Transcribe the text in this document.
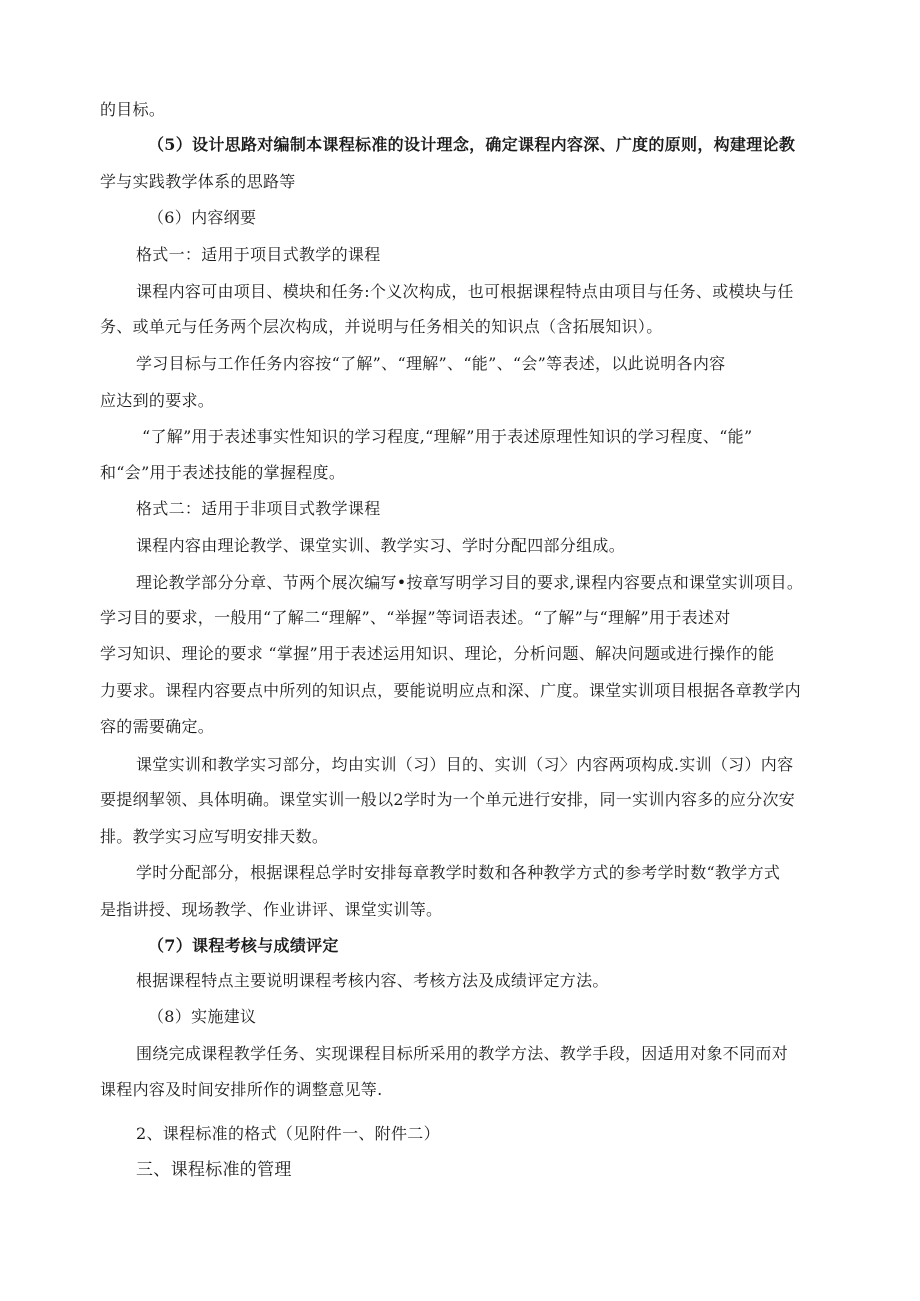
的目标。
（5）设计思路对编制本课程标准的设计理念，确定课程内容深、广度的原则，构建理论教
学与实践教学体系的思路等
（6）内容纲要
格式一：适用于项目式教学的课程
课程内容可由项目、模块和任务:个义次构成，也可根据课程特点由项目与任务、或模块与任
务、或单元与任务两个层次构成，并说明与任务相关的知识点（含拓展知识）。
学习目标与工作任务内容按“了解”、“理解”、“能”、“会”等表述，以此说明各内容
应达到的要求。
“了解”用于表述事实性知识的学习程度,“理解”用于表述原理性知识的学习程度、“能”
和“会”用于表述技能的掌握程度。
格式二：适用于非项目式教学课程
课程内容由理论教学、课堂实训、教学实习、学时分配四部分组成。
理论教学部分分章、节两个展次编写•按章写明学习目的要求,课程内容要点和课堂实训项目。
学习目的要求，一般用“了解二“理解”、“举握”等词语表述。“了解”与“理解”用于表述对
学习知识、理论的要求 “掌握”用于表述运用知识、理论，分析问题、解决问题或进行操作的能
力要求。课程内容要点中所列的知识点，要能说明应点和深、广度。课堂实训项目根据各章教学内
容的需要确定。
课堂实训和教学实习部分，均由实训（习）目的、实训（习〉内容两项构成.实训（习）内容
要提纲挈领、具体明确。课堂实训一般以2学时为一个单元进行安排，同一实训内容多的应分次安
排。教学实习应写明安排天数。
学时分配部分，根据课程总学时安排每章教学时数和各种教学方式的参考学时数“教学方式
是指讲授、现场教学、作业讲评、课堂实训等。
（7）课程考核与成绩评定
根据课程特点主要说明课程考核内容、考核方法及成绩评定方法。
（8）实施建议
围绕完成课程教学任务、实现课程目标所采用的教学方法、教学手段，因适用对象不同而对
课程内容及时间安排所作的调整意见等.
2、课程标准的格式（见附件一、附件二）
三、课程标准的管理
